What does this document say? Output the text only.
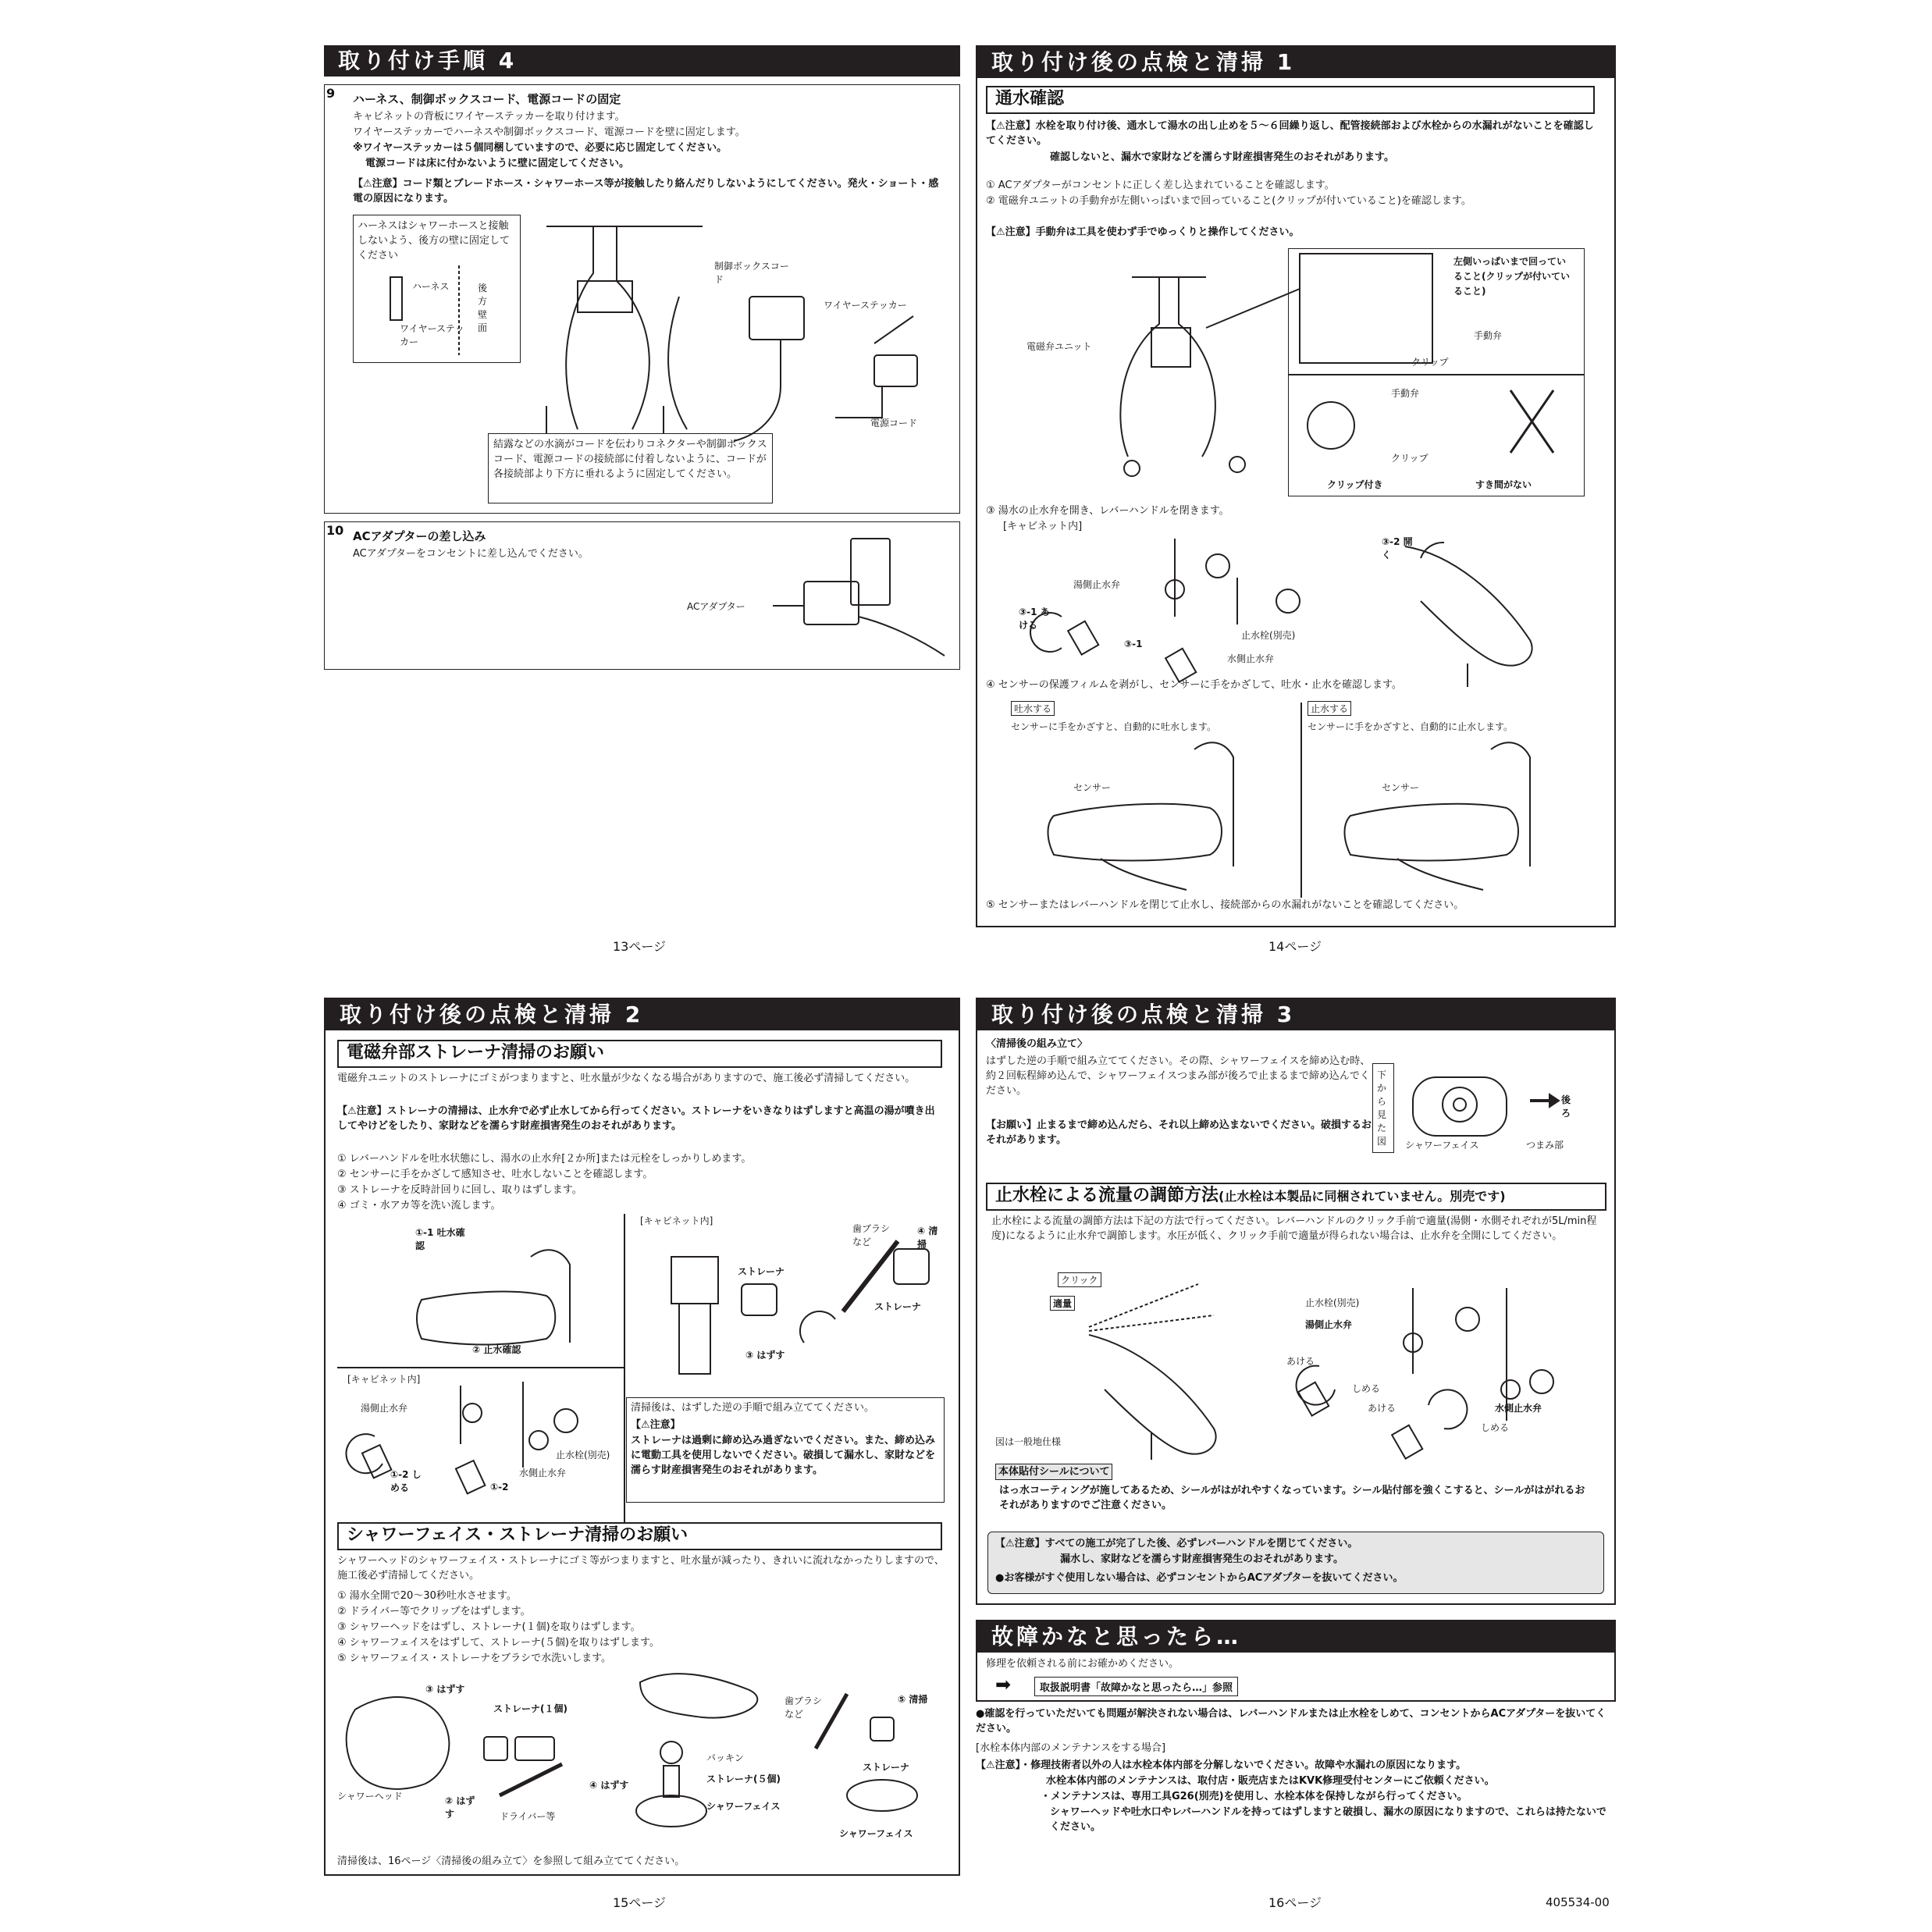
取り付け手順 4
9 ハーネス、制御ボックスコード、電源コードの固定
キャビネットの背板にワイヤーステッカーを取り付けます。
ワイヤーステッカーでハーネスや制御ボックスコード、電源コードを壁に固定します。
※ワイヤーステッカーは５個同梱していますので、必要に応じ固定してください。
電源コードは床に付かないように壁に固定してください。
【⚠注意】コード類とブレードホース・シャワーホース等が接触したり絡んだりしないようにしてください。発火・ショート・感電の原因になります。
ハーネスはシャワーホースと接触しないよう、後方の壁に固定してください
ハーネス	後方壁面
ワイヤーステッカー
制御ボックスコード
ワイヤーステッカー
電源コード
結露などの水滴がコードを伝わりコネクターや制御ボックスコード、電源コードの接続部に付着しないように、コードが各接続部より下方に垂れるように固定してください。
10 ACアダプターの差し込み
ACアダプターをコンセントに差し込んでください。
ACアダプター
13ページ
取り付け後の点検と清掃 1
通水確認
【⚠注意】水栓を取り付け後、通水して湯水の出し止めを５～６回繰り返し、配管接続部および水栓からの水漏れがないことを確認してください。
確認しないと、漏水で家財などを濡らす財産損害発生のおそれがあります。
① ACアダプターがコンセントに正しく差し込まれていることを確認します。
② 電磁弁ユニットの手動弁が左側いっぱいまで回っていること(クリップが付いていること)を確認します。
【⚠注意】手動弁は工具を使わず手でゆっくりと操作してください。
電磁弁ユニット
左側いっぱいまで回っていること(クリップが付いていること)
手動弁
クリップ
手動弁
クリップ
クリップ付き	すき間がない
③ 湯水の止水弁を開き、レバーハンドルを閉きます。
[キャビネット内]
湯側止水弁
③-1 あける
③-1
止水栓(別売)
水側止水弁
③-2 開く
④ センサーの保護フィルムを剥がし、センサーに手をかざして、吐水・止水を確認します。
吐水する
センサーに手をかざすと、自動的に吐水します。
止水する
センサーに手をかざすと、自動的に止水します。
センサー	センサー
⑤ センサーまたはレバーハンドルを閉じて止水し、接続部からの水漏れがないことを確認してください。
14ページ
取り付け後の点検と清掃 2
電磁弁部ストレーナ清掃のお願い
電磁弁ユニットのストレーナにゴミがつまりますと、吐水量が少なくなる場合がありますので、施工後必ず清掃してください。
【⚠注意】ストレーナの清掃は、止水弁で必ず止水してから行ってください。ストレーナをいきなりはずしますと高温の湯が噴き出してやけどをしたり、家財などを濡らす財産損害発生のおそれがあります。
① レバーハンドルを吐水状態にし、湯水の止水弁[２か所]または元栓をしっかりしめます。
② センサーに手をかざして感知させ、吐水しないことを確認します。
③ ストレーナを反時計回りに回し、取りはずします。
④ ゴミ・水アカ等を洗い流します。
①-1 吐水確認
② 止水確認
[キャビネット内]
ストレーナ
③ はずす
歯ブラシなど
④ 清掃
ストレーナ
[キャビネット内]
湯側止水弁
①-2 しめる	①-2
止水栓(別売)
水側止水弁
清掃後は、はずした逆の手順で組み立ててください。
【⚠注意】
ストレーナは過剰に締め込み過ぎないでください。また、締め込みに電動工具を使用しないでください。破損して漏水し、家財などを濡らす財産損害発生のおそれがあります。
シャワーフェイス・ストレーナ清掃のお願い
シャワーヘッドのシャワーフェイス・ストレーナにゴミ等がつまりますと、吐水量が減ったり、きれいに流れなかったりしますので、施工後必ず清掃してください。
① 湯水全開で20～30秒吐水させます。
② ドライバー等でクリップをはずします。
③ シャワーヘッドをはずし、ストレーナ(１個)を取りはずします。
④ シャワーフェイスをはずして、ストレーナ(５個)を取りはずします。
⑤ シャワーフェイス・ストレーナをブラシで水洗いします。
③ はずす
ストレーナ(１個)
シャワーヘッド	② はずす	ドライバー等
パッキン
ストレーナ(５個)
④ はずす
シャワーフェイス
歯ブラシなど
⑤ 清掃
ストレーナ
シャワーフェイス
清掃後は、16ページ〈清掃後の組み立て〉を参照して組み立ててください。
15ページ
取り付け後の点検と清掃 3
〈清掃後の組み立て〉
はずした逆の手順で組み立ててください。その際、シャワーフェイスを締め込む時、約２回転程締め込んで、シャワーフェイスつまみ部が後ろで止まるまで締め込んでください。
【お願い】止まるまで締め込んだら、それ以上締め込まないでください。破損するおそれがあります。
下から見た図
後ろ
シャワーフェイス	つまみ部
止水栓による流量の調節方法(止水栓は本製品に同梱されていません。別売です)
止水栓による流量の調節方法は下記の方法で行ってください。レバーハンドルのクリック手前で適量(湯側・水側それぞれが5L/min程度)になるように止水弁で調節します。水圧が低く、クリック手前で適量が得られない場合は、止水弁を全開にしてください。
クリック
適量
図は一般地仕様
止水栓(別売)
湯側止水弁
あける
しめる
あける	水側止水弁
しめる
本体貼付シールについて
はっ水コーティングが施してあるため、シールがはがれやすくなっています。シール貼付部を強くこすると、シールがはがれるおそれがありますのでご注意ください。
【⚠注意】すべての施工が完了した後、必ずレバーハンドルを閉じてください。
漏水し、家財などを濡らす財産損害発生のおそれがあります。
●お客様がすぐ使用しない場合は、必ずコンセントからACアダプターを抜いてください。
故障かなと思ったら…
修理を依頼される前にお確かめください。
➡	取扱説明書「故障かなと思ったら…」参照
●確認を行っていただいても問題が解決されない場合は、レバーハンドルまたは止水栓をしめて、コンセントからACアダプターを抜いてください。
[水栓本体内部のメンテナンスをする場合]
【⚠注意】・修理技術者以外の人は水栓本体内部を分解しないでください。故障や水漏れの原因になります。
水栓本体内部のメンテナンスは、取付店・販売店またはKVK修理受付センターにご依頼ください。
・メンテナンスは、専用工具G26(別売)を使用し、水栓本体を保持しながら行ってください。
シャワーヘッドや吐水口やレバーハンドルを持ってはずしますと破損し、漏水の原因になりますので、これらは持たないでください。
16ページ	405534-00
